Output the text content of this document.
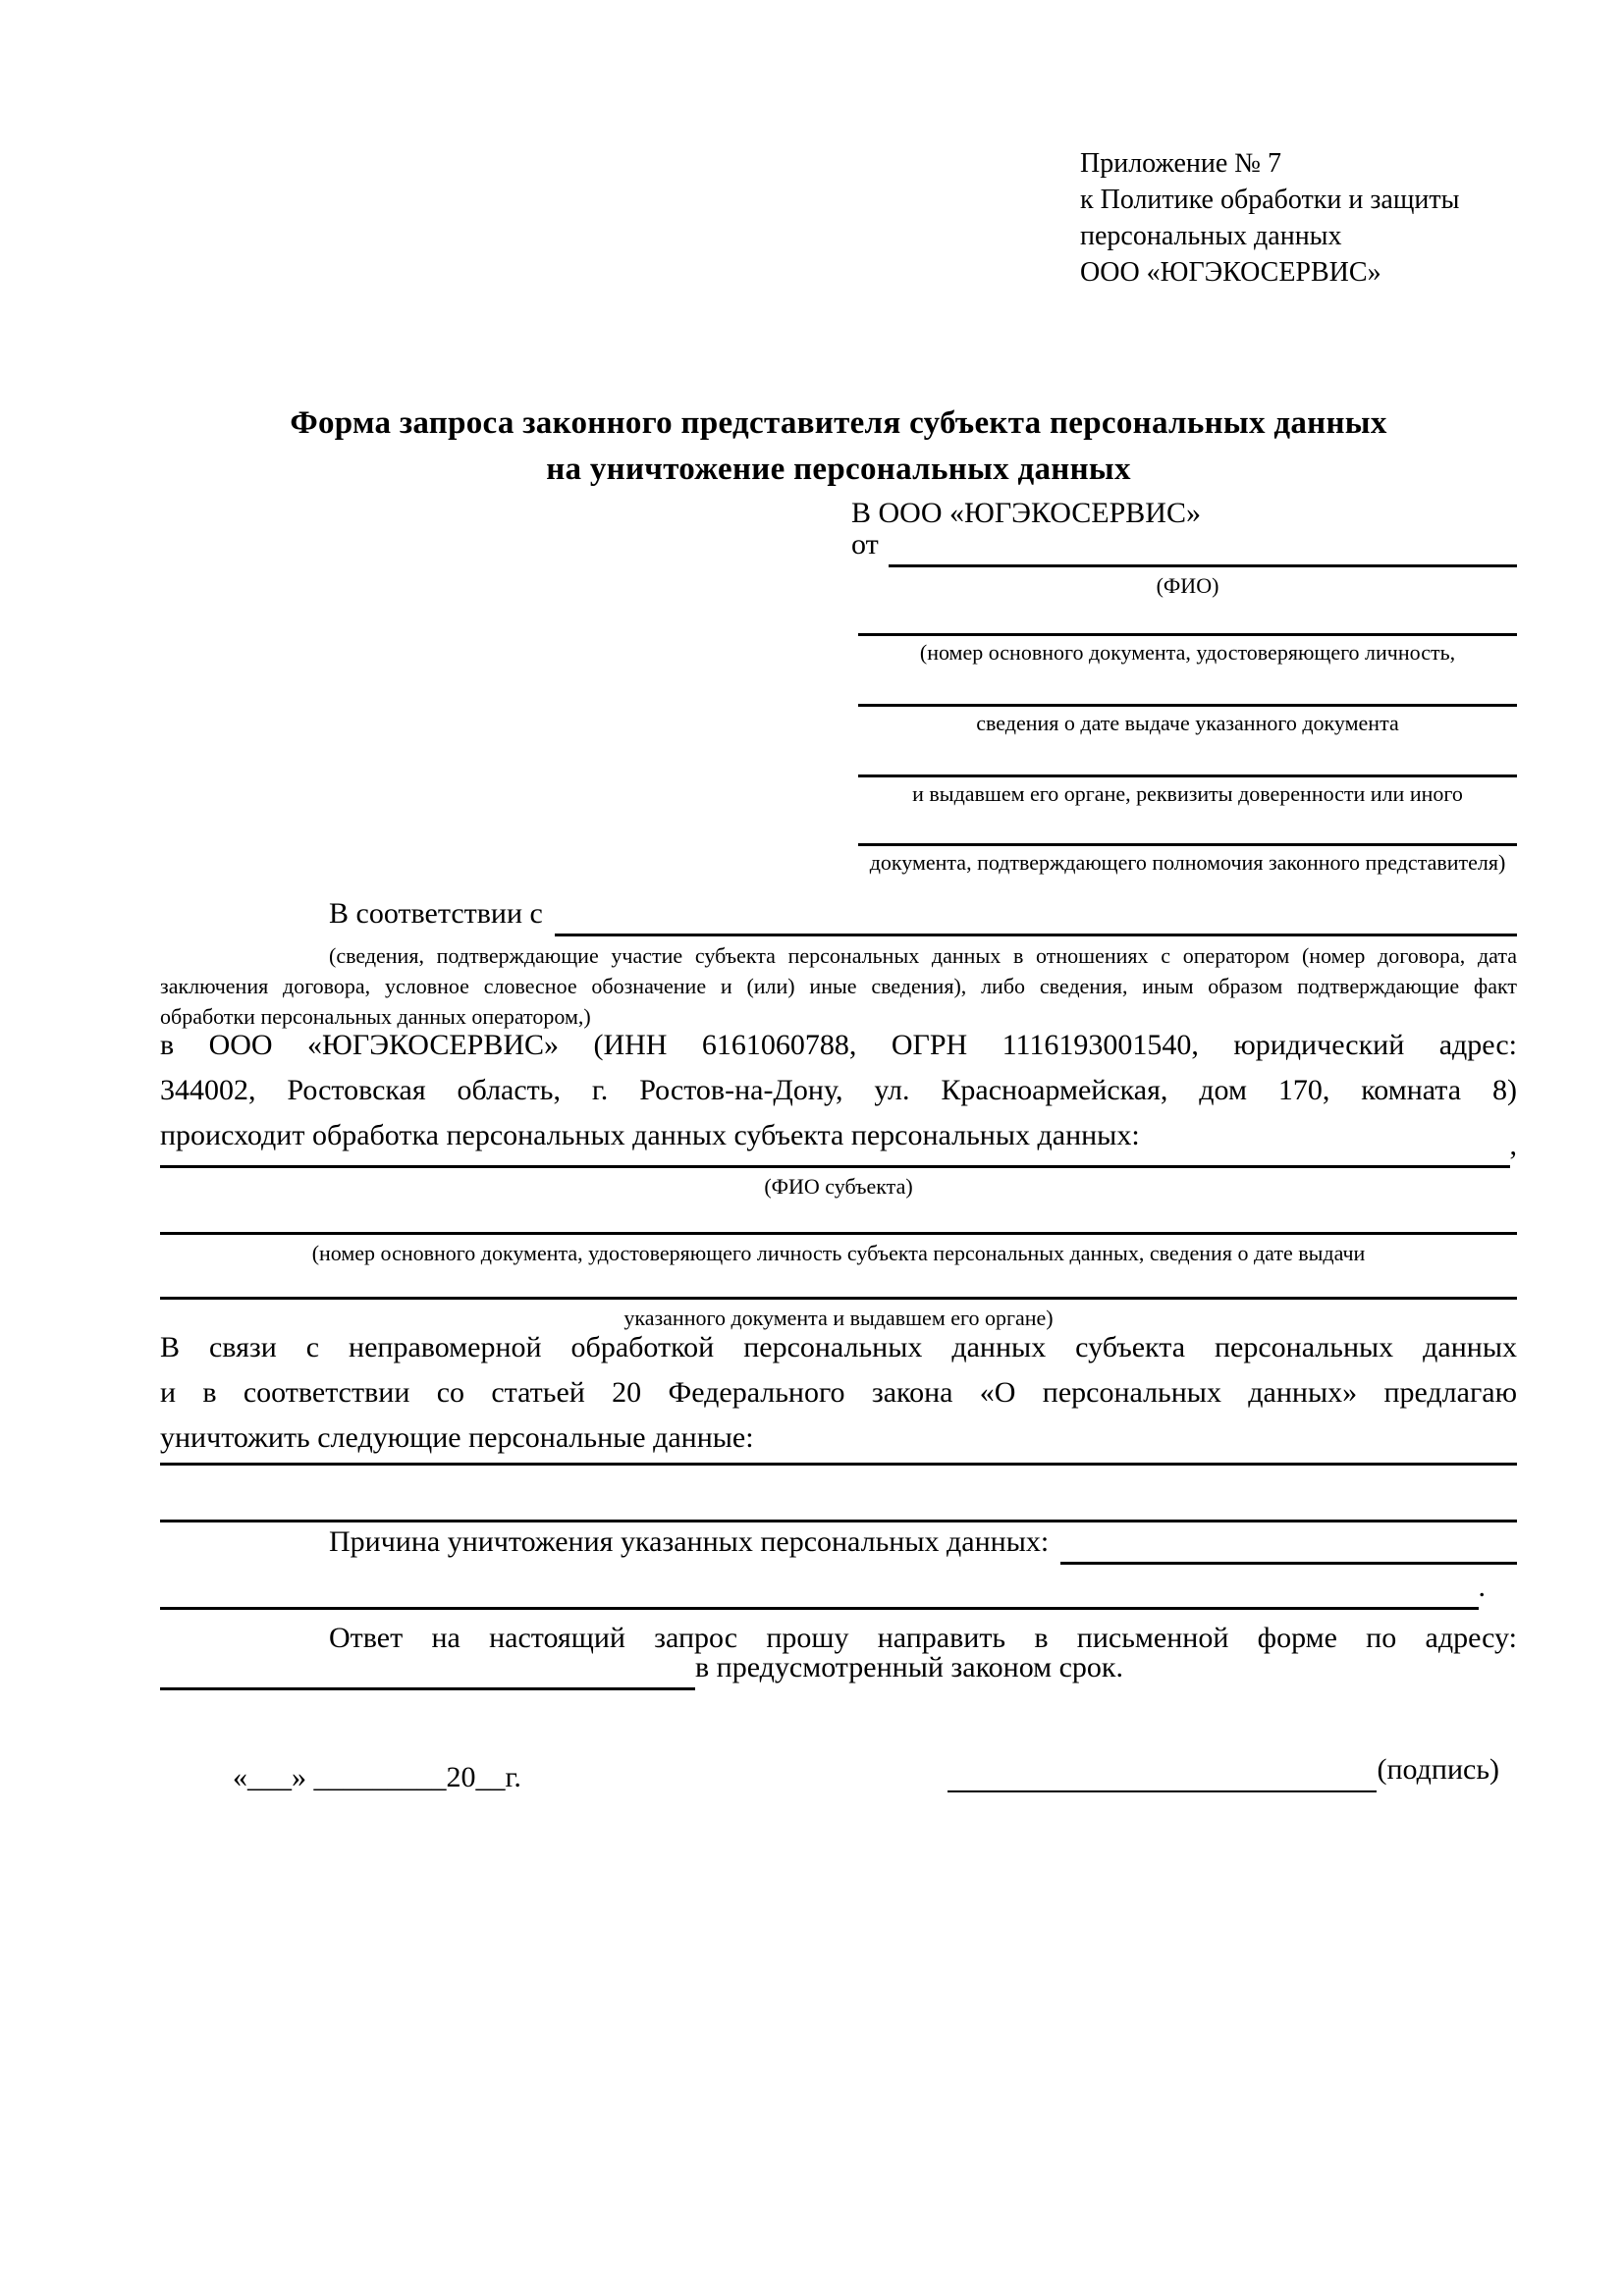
Приложение № 7
к Политике обработки и защиты
персональных данных
ООО «ЮГЭКОСЕРВИС»
Форма запроса законного представителя субъекта персональных данных
на уничтожение персональных данных
В ООО «ЮГЭКОСЕРВИС»
от
(ФИО)
(номер основного документа, удостоверяющего личность,
сведения о дате выдаче указанного документа
и выдавшем его органе, реквизиты доверенности или иного
документа, подтверждающего полномочия законного представителя)
В соответствии с
(сведения, подтверждающие участие субъекта персональных данных в отношениях с оператором (номер договора, дата
заключения договора, условное словесное обозначение и (или) иные сведения), либо сведения, иным образом подтверждающие факт
обработки персональных данных оператором,)
в ООО «ЮГЭКОСЕРВИС» (ИНН 6161060788, ОГРН 1116193001540, юридический адрес:
344002, Ростовская область, г. Ростов-на-Дону, ул. Красноармейская, дом 170, комната 8)
происходит обработка персональных данных субъекта персональных данных:	,
(ФИО субъекта)
(номер основного документа, удостоверяющего личность субъекта персональных данных, сведения о дате выдачи
указанного документа и выдавшем его органе)
В связи с неправомерной обработкой персональных данных субъекта персональных данных
и в соответствии со статьей 20 Федерального закона «О персональных данных» предлагаю
уничтожить следующие персональные данные:
Причина уничтожения указанных персональных данных:
.
Ответ на настоящий запрос прошу направить в письменной форме по адресу:
в предусмотренный законом срок.
«___» _________20__г.	(подпись)
